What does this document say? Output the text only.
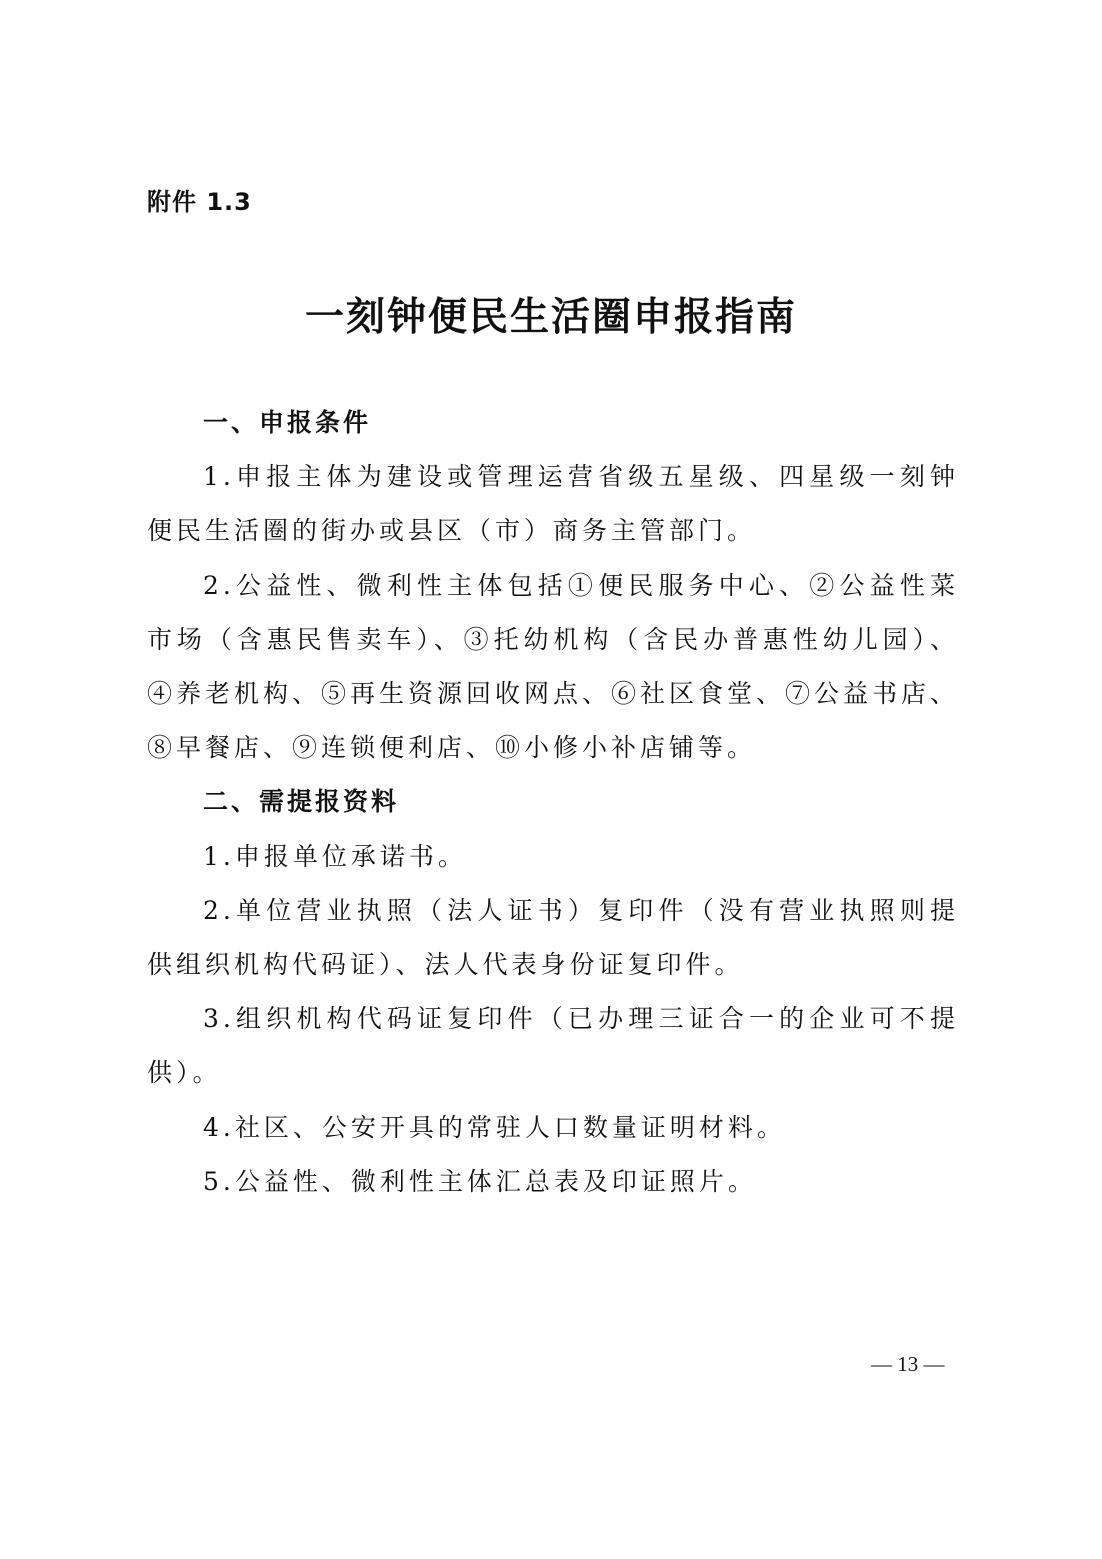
附件 1.3
一刻钟便民生活圈申报指南

一、申报条件

1.申报主体为建设或管理运营省级五星级、四星级一刻钟便民生活圈的街办或县区（市）商务主管部门。

2.公益性、微利性主体包括①便民服务中心、②公益性菜市场（含惠民售卖车）、③托幼机构（含民办普惠性幼儿园）、④养老机构、⑤再生资源回收网点、⑥社区食堂、⑦公益书店、⑧早餐店、⑨连锁便利店、⑩小修小补店铺等。

二、需提报资料

1.申报单位承诺书。

2.单位营业执照（法人证书）复印件（没有营业执照则提供组织机构代码证）、法人代表身份证复印件。

3.组织机构代码证复印件（已办理三证合一的企业可不提供）。

4.社区、公安开具的常驻人口数量证明材料。

5.公益性、微利性主体汇总表及印证照片。

— 13 —
